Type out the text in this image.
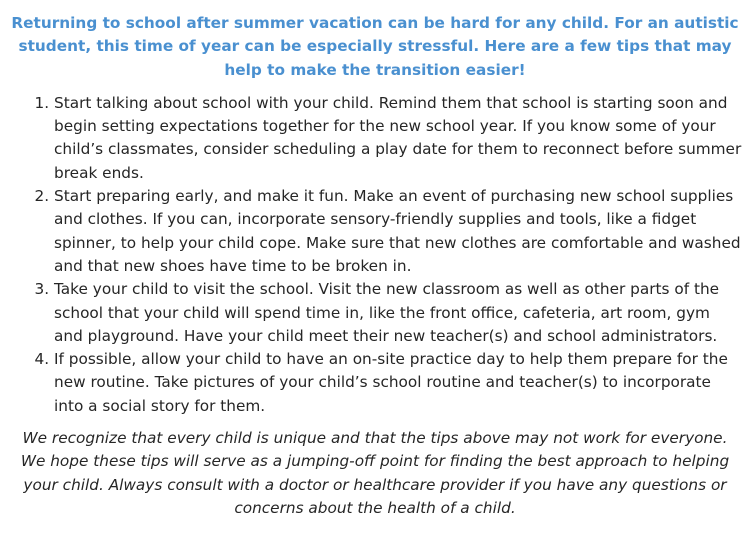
Returning to school after summer vacation can be hard for any child. For an autistic student, this time of year can be especially stressful. Here are a few tips that may help to make the transition easier!

1. Start talking about school with your child. Remind them that school is starting soon and begin setting expectations together for the new school year. If you know some of your child’s classmates, consider scheduling a play date for them to reconnect before summer break ends.
2. Start preparing early, and make it fun. Make an event of purchasing new school supplies and clothes. If you can, incorporate sensory-friendly supplies and tools, like a fidget spinner, to help your child cope. Make sure that new clothes are comfortable and washed and that new shoes have time to be broken in.
3. Take your child to visit the school. Visit the new classroom as well as other parts of the school that your child will spend time in, like the front office, cafeteria, art room, gym and playground. Have your child meet their new teacher(s) and school administrators.
4. If possible, allow your child to have an on-site practice day to help them prepare for the new routine. Take pictures of your child’s school routine and teacher(s) to incorporate into a social story for them.

We recognize that every child is unique and that the tips above may not work for everyone. We hope these tips will serve as a jumping-off point for finding the best approach to helping your child. Always consult with a doctor or healthcare provider if you have any questions or concerns about the health of a child.
